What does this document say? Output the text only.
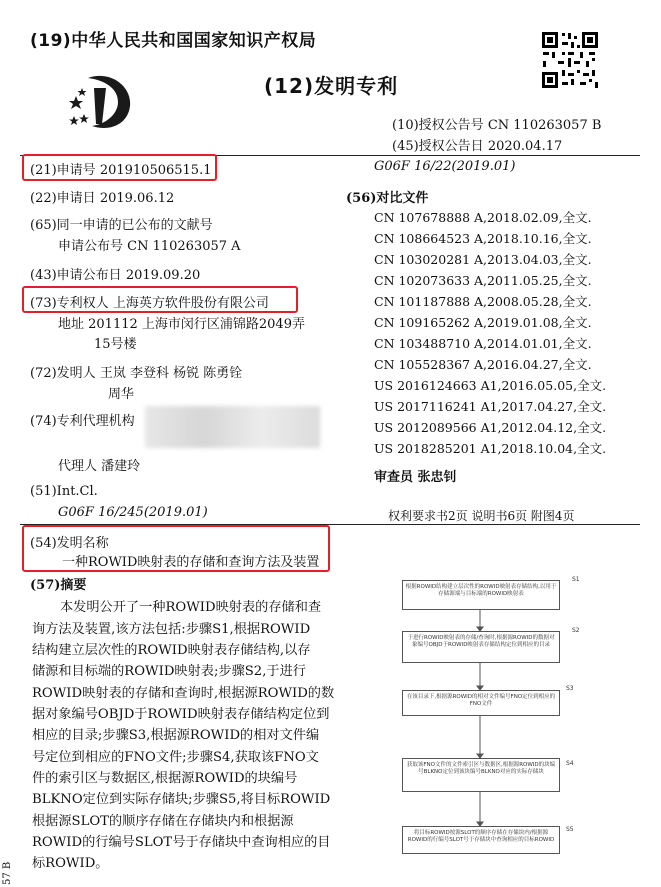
(19)中华人民共和国国家知识产权局
(12)发明专利
(10)授权公告号 CN 110263057 B
(45)授权公告日 2020.04.17
(21)申请号 201910506515.1
(22)申请日 2019.06.12
(65)同一申请的已公布的文献号
申请公布号 CN 110263057 A
(43)申请公布日 2019.09.20
(73)专利权人 上海英方软件股份有限公司
地址 201112 上海市闵行区浦锦路2049弄
15号楼
(72)发明人 王岚 李登科 杨锐 陈勇铨
周华
(74)专利代理机构
代理人 潘建玲
(51)Int.Cl.
G06F 16/245(2019.01)
G06F 16/22(2019.01)
(56)对比文件
CN 107678888 A,2018.02.09,全文.
CN 108664523 A,2018.10.16,全文.
CN 103020281 A,2013.04.03,全文.
CN 102073633 A,2011.05.25,全文.
CN 101187888 A,2008.05.28,全文.
CN 109165262 A,2019.01.08,全文.
CN 103488710 A,2014.01.01,全文.
CN 105528367 A,2016.04.27,全文.
US 2016124663 A1,2016.05.05,全文.
US 2017116241 A1,2017.04.27,全文.
US 2012089566 A1,2012.04.12,全文.
US 2018285201 A1,2018.10.04,全文.
审查员 张忠钊
权利要求书2页 说明书6页 附图4页
(54)发明名称
一种ROWID映射表的存储和查询方法及装置
(57)摘要
本发明公开了一种ROWID映射表的存储和查
询方法及装置,该方法包括:步骤S1,根据ROWID
结构建立层次性的ROWID映射表存储结构,以存
储源和目标端的ROWID映射表;步骤S2,于进行
ROWID映射表的存储和查询时,根据源ROWID的数
据对象编号OBJD于ROWID映射表存储结构定位到
相应的目录;步骤S3,根据源ROWID的相对文件编
号定位到相应的FNO文件;步骤S4,获取该FNO文
件的索引区与数据区,根据源ROWID的块编号
BLKNO定位到实际存储块;步骤S5,将目标ROWID
根据源SLOT的顺序存储在存储块内和根据源
ROWID的行编号SLOT号于存储块中查询相应的目
标ROWID。
根据ROWID结构建立层次性的ROWID映射表存储结构,以用于存储源端与目标端的ROWID映射表
S1
于进行ROWID映射表的存储/查询时,根据源ROWID的数据对象编号OBJD于ROWID映射表存储结构定位到相应的目录
S2
在该目录下,根据源ROWID的相对文件编号FNO定位到相应的FNO文件
S3
获取该FNO文件的文件索引区与数据区,根据源ROWID的块编号BLKNO定位到该块编号BLKNO对应的实际存储块
S4
将目标ROWID按源SLOT的顺序存储在存储块内/根据源ROWID的行编号SLOT号于存储块中查询相应的目标ROWID
S5
57 B
